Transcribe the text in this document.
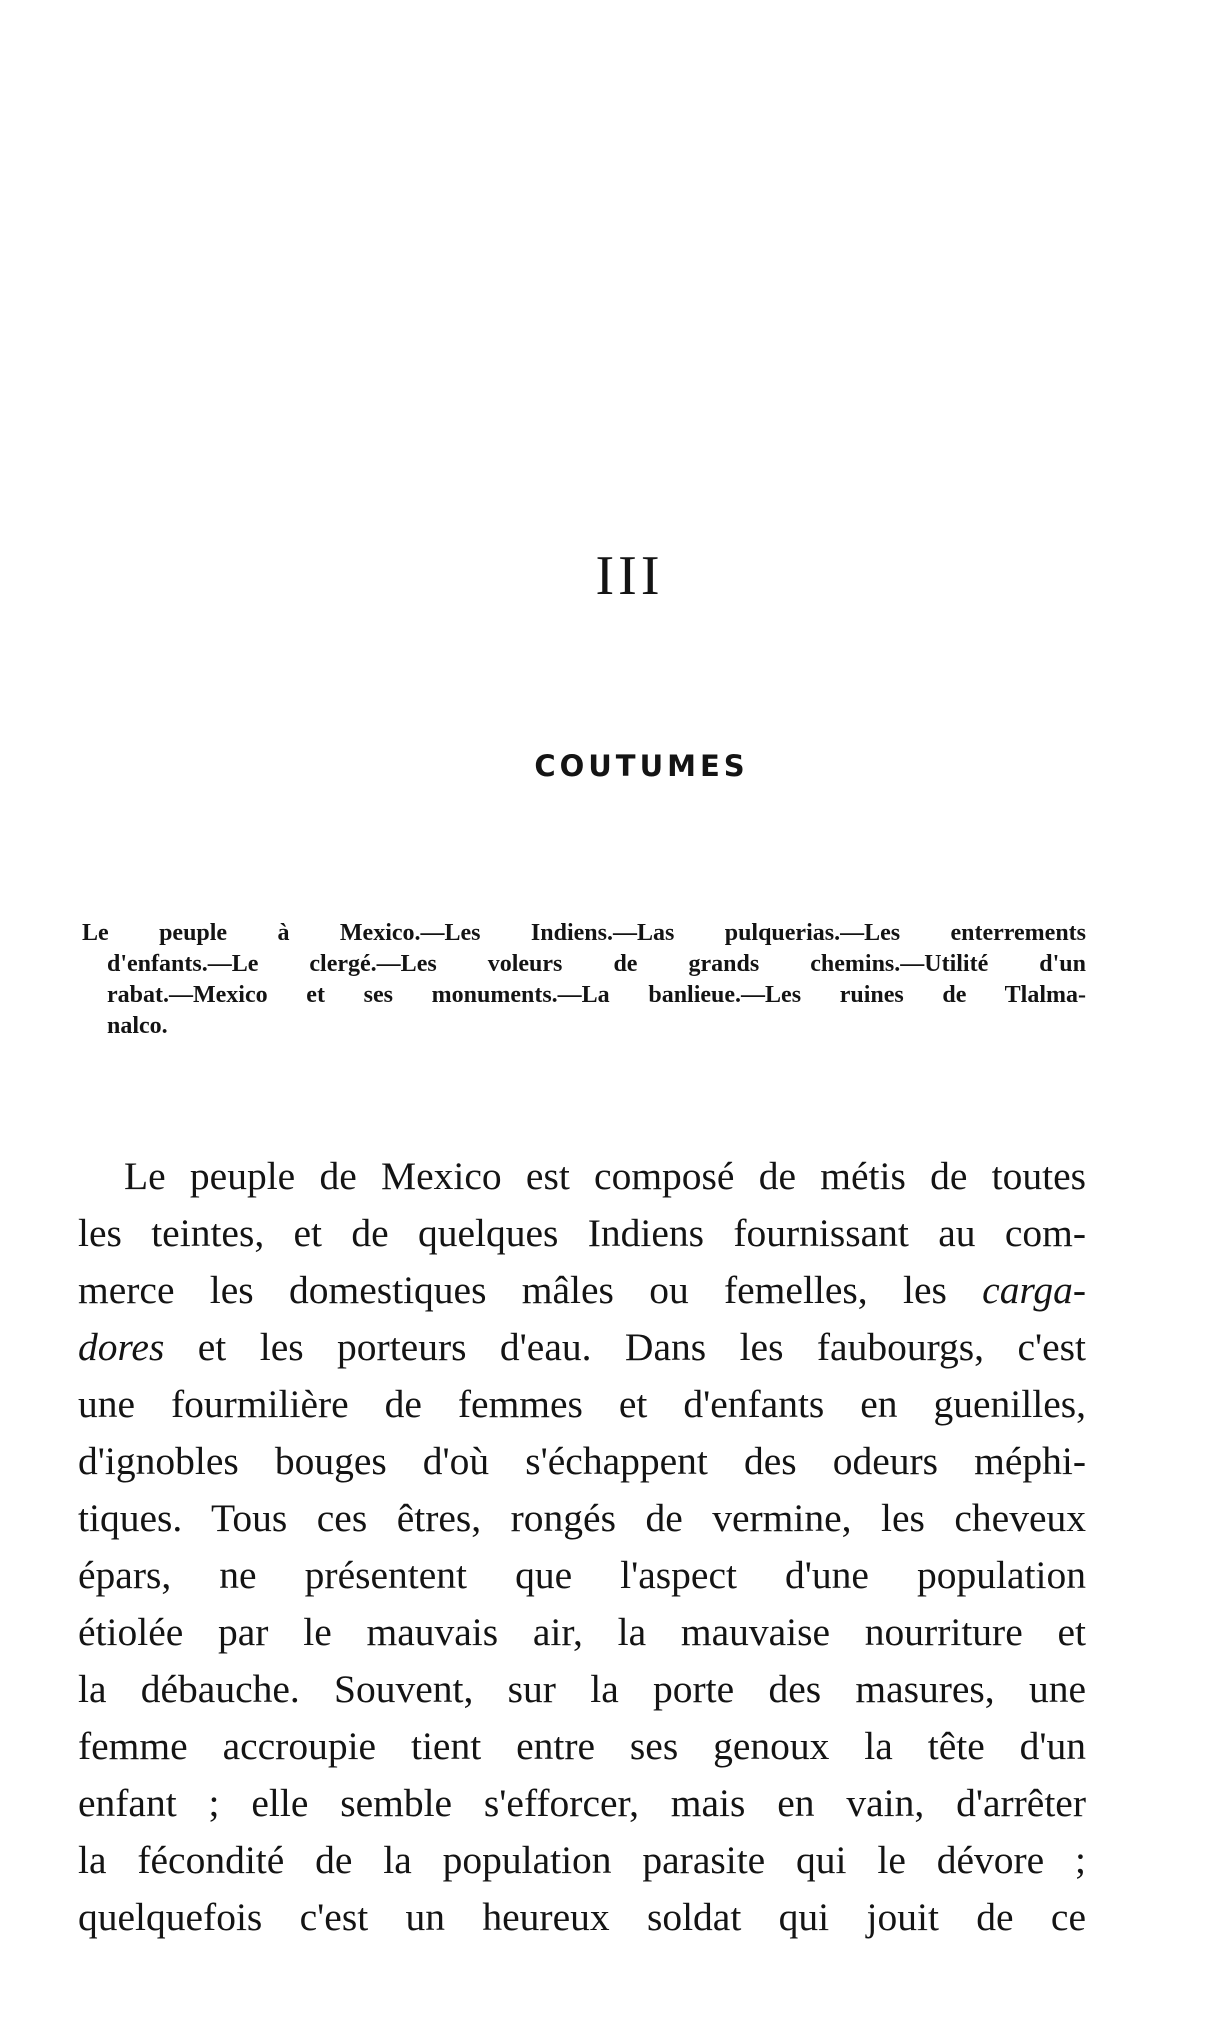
III
COUTUMES
Le peuple à Mexico.—Les Indiens.—Las pulquerias.—Les enterrements
d'enfants.—Le clergé.—Les voleurs de grands chemins.—Utilité d'un
rabat.—Mexico et ses monuments.—La banlieue.—Les ruines de Tlalma-
nalco.
Le peuple de Mexico est composé de métis de toutes
les teintes, et de quelques Indiens fournissant au com-
merce les domestiques mâles ou femelles, les carga-
dores et les porteurs d'eau. Dans les faubourgs, c'est
une fourmilière de femmes et d'enfants en guenilles,
d'ignobles bouges d'où s'échappent des odeurs méphi-
tiques. Tous ces êtres, rongés de vermine, les cheveux
épars, ne présentent que l'aspect d'une population
étiolée par le mauvais air, la mauvaise nourriture et
la débauche. Souvent, sur la porte des masures, une
femme accroupie tient entre ses genoux la tête d'un
enfant ; elle semble s'efforcer, mais en vain, d'arrêter
la fécondité de la population parasite qui le dévore ;
quelquefois c'est un heureux soldat qui jouit de ce
